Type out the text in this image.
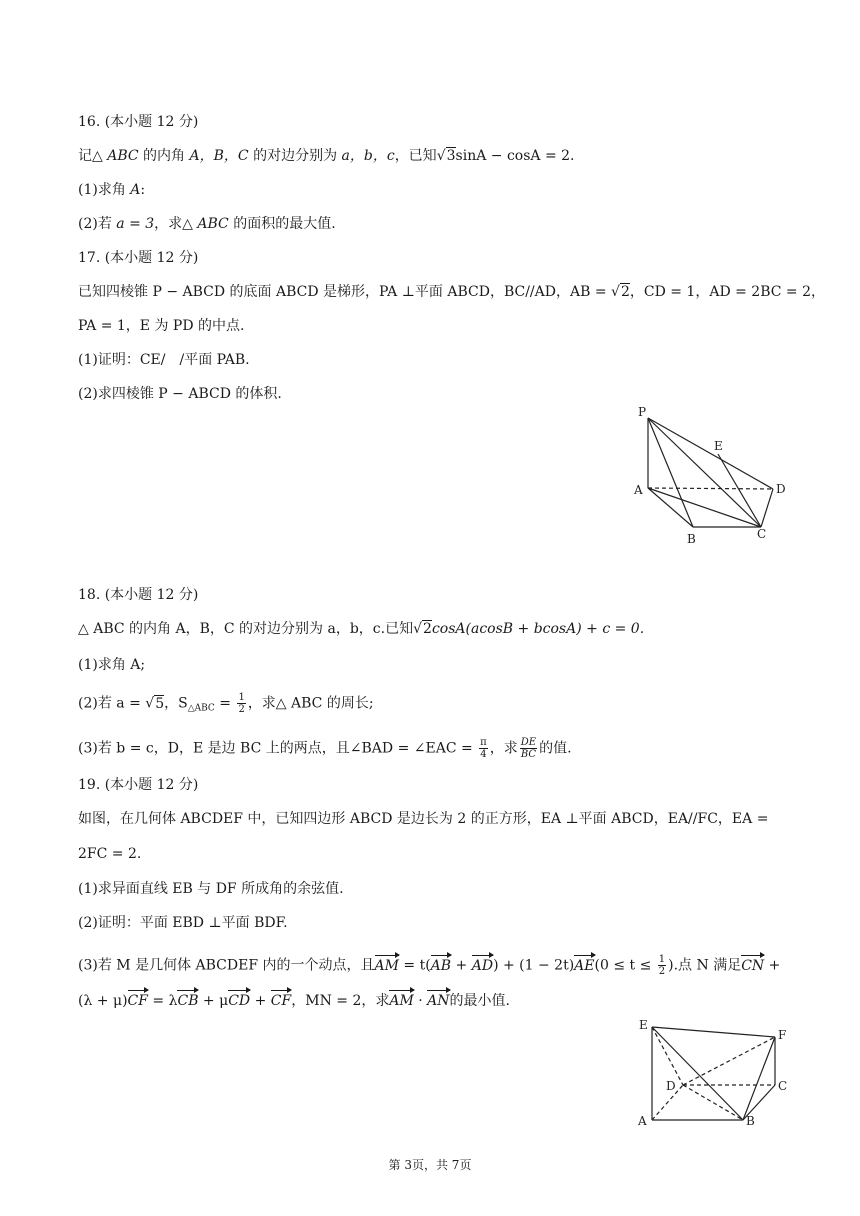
16. (本小题 12 分)
记△ ABC 的内角 A，B，C 的对边分别为 a，b，c，已知√3sinA − cosA = 2.
(1)求角 A:
(2)若 a = 3，求△ ABC 的面积的最大值.
17. (本小题 12 分)
已知四棱锥 P − ABCD 的底面 ABCD 是梯形，PA ⊥平面 ABCD，BC//AD，AB = √2，CD = 1，AD = 2BC = 2，
PA = 1，E 为 PD 的中点.
(1)证明：CE/　/平面 PAB.
(2)求四棱锥 P − ABCD 的体积.
P
E
A	D
B	C
18. (本小题 12 分)
△ ABC 的内角 A，B，C 的对边分别为 a，b，c.已知√2cosA(acosB + bcosA) + c = 0.
(1)求角 A;
(2)若 a = √5，$S_{\triangle ABC} = \frac{1}{2}$ ，求△ ABC 的周长;
(3)若 b = c，D，E 是边 BC 上的两点，且∠BAD = ∠EAC = $\frac{\pi}{4}$ ，求 $\frac{DE}{BC}$ 的值.
19. (本小题 12 分)
如图，在几何体 ABCDEF 中，已知四边形 ABCD 是边长为 2 的正方形，EA ⊥平面 ABCD，EA//FC，EA =
2FC = 2.
(1)求异面直线 EB 与 DF 所成角的余弦值.
(2)证明：平面 EBD ⊥平面 BDF.
(3)若 M 是几何体 ABCDEF 内的一个动点，且AM = $t(AB + AD) + (1 - 2t)AE(0 \le t \le \frac{1}{2}$ ).点 N 满足CN +
(λ + μ)CF = λCB + μCD + CF，MN = 2，求AM · AN的最小值.
E
F
D	C
A	B
第 3页，共 7页
